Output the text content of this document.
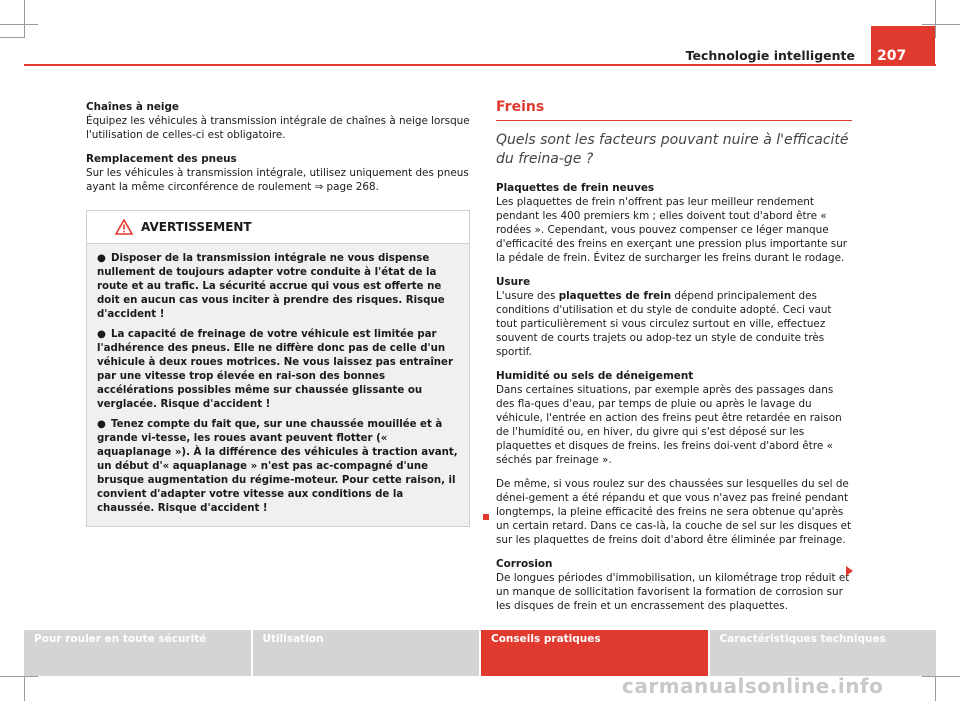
Technologie intelligente	207

Chaînes à neige
Équipez les véhicules à transmission intégrale de chaînes à neige lorsque l'utilisation de celles-ci est obligatoire.

Remplacement des pneus
Sur les véhicules à transmission intégrale, utilisez uniquement des pneus ayant la même circonférence de roulement ⇒ page 268.

AVERTISSEMENT

● Disposer de la transmission intégrale ne vous dispense nullement de toujours adapter votre conduite à l'état de la route et au trafic. La sécurité accrue qui vous est offerte ne doit en aucun cas vous inciter à prendre des risques. Risque d'accident !

● La capacité de freinage de votre véhicule est limitée par l'adhérence des pneus. Elle ne diffère donc pas de celle d'un véhicule à deux roues motrices. Ne vous laissez pas entraîner par une vitesse trop élevée en rai-son des bonnes accélérations possibles même sur chaussée glissante ou verglacée. Risque d'accident !

● Tenez compte du fait que, sur une chaussée mouillée et à grande vi-tesse, les roues avant peuvent flotter (« aquaplanage »). À la différence des véhicules à traction avant, un début d'« aquaplanage » n'est pas ac-compagné d'une brusque augmentation du régime-moteur. Pour cette raison, il convient d'adapter votre vitesse aux conditions de la chaussée. Risque d'accident !

Freins
Quels sont les facteurs pouvant nuire à l'efficacité du freina-ge ?

Plaquettes de frein neuves
Les plaquettes de frein n'offrent pas leur meilleur rendement pendant les 400 premiers km ; elles doivent tout d'abord être « rodées ». Cependant, vous pouvez compenser ce léger manque d'efficacité des freins en exerçant une pression plus importante sur la pédale de frein. Évitez de surcharger les freins durant le rodage.

Usure
L'usure des plaquettes de frein dépend principalement des conditions d'utilisation et du style de conduite adopté. Ceci vaut tout particulièrement si vous circulez surtout en ville, effectuez souvent de courts trajets ou adop-tez un style de conduite très sportif.

Humidité ou sels de déneigement
Dans certaines situations, par exemple après des passages dans des fla-ques d'eau, par temps de pluie ou après le lavage du véhicule, l'entrée en action des freins peut être retardée en raison de l'humidité ou, en hiver, du givre qui s'est déposé sur les plaquettes et disques de freins. les freins doi-vent d'abord être « séchés par freinage ».

De même, si vous roulez sur des chaussées sur lesquelles du sel de dénei-gement a été répandu et que vous n'avez pas freiné pendant longtemps, la pleine efficacité des freins ne sera obtenue qu'après un certain retard. Dans ce cas-là, la couche de sel sur les disques et sur les plaquettes de freins doit d'abord être éliminée par freinage.

Corrosion
De longues périodes d'immobilisation, un kilométrage trop réduit et un manque de sollicitation favorisent la formation de corrosion sur les disques de frein et un encrassement des plaquettes.

Pour rouler en toute sécurité	Utilisation	Conseils pratiques	Caractéristiques techniques
carmanualsonline.info
